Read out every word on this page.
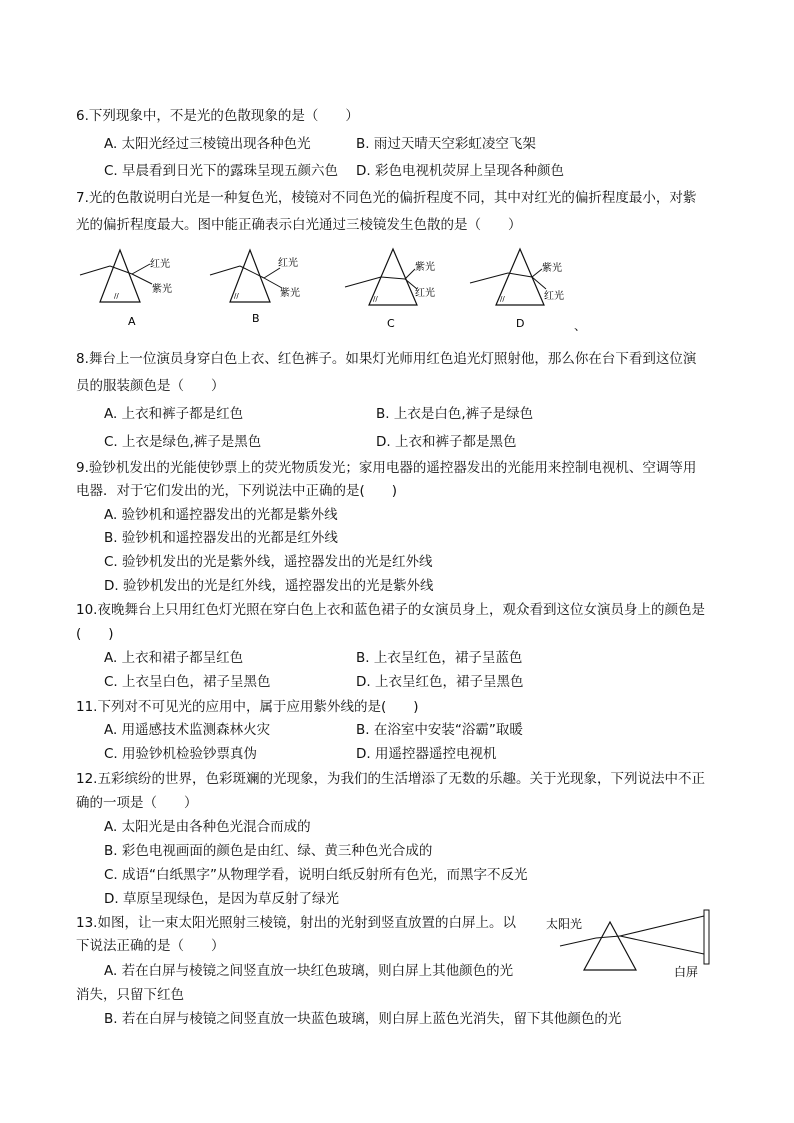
6.下列现象中，不是光的色散现象的是（　　）
A. 太阳光经过三棱镜出现各种色光	B. 雨过天晴天空彩虹凌空飞架
C. 早晨看到日光下的露珠呈现五颜六色 D. 彩色电视机荧屏上呈现各种颜色
7.光的色散说明白光是一种复色光，棱镜对不同色光的偏折程度不同，其中对红光的偏折程度最小，对紫
光的偏折程度最大。图中能正确表示白光通过三棱镜发生色散的是（　　）
//
红光
紫光
A
//
红光
紫光
B
//
紫光
红光
C
//
紫光
红光
D	、
8.舞台上一位演员身穿白色上衣、红色裤子。如果灯光师用红色追光灯照射他，那么你在台下看到这位演
员的服装颜色是（　　）
A. 上衣和裤子都是红色	B. 上衣是白色,裤子是绿色
C. 上衣是绿色,裤子是黑色	D. 上衣和裤子都是黑色
9.验钞机发出的光能使钞票上的荧光物质发光；家用电器的遥控器发出的光能用来控制电视机、空调等用
电器．对于它们发出的光，下列说法中正确的是(　　)
A. 验钞机和遥控器发出的光都是紫外线
B. 验钞机和遥控器发出的光都是红外线
C. 验钞机发出的光是紫外线，遥控器发出的光是红外线
D. 验钞机发出的光是红外线，遥控器发出的光是紫外线
10.夜晚舞台上只用红色灯光照在穿白色上衣和蓝色裙子的女演员身上，观众看到这位女演员身上的颜色是
(　　)
A. 上衣和裙子都呈红色	B. 上衣呈红色，裙子呈蓝色
C. 上衣呈白色，裙子呈黑色	D. 上衣呈红色，裙子呈黑色
11.下列对不可见光的应用中，属于应用紫外线的是(　　)
A. 用遥感技术监测森林火灾	B. 在浴室中安装“浴霸”取暖
C. 用验钞机检验钞票真伪	D. 用遥控器遥控电视机
12.五彩缤纷的世界，色彩斑斓的光现象，为我们的生活增添了无数的乐趣。关于光现象，下列说法中不正
确的一项是（　　）
A. 太阳光是由各种色光混合而成的
B. 彩色电视画面的颜色是由红、绿、黄三种色光合成的
C. 成语“白纸黑字”从物理学看，说明白纸反射所有色光，而黑字不反光
D. 草原呈现绿色，是因为草反射了绿光
13.如图，让一束太阳光照射三棱镜，射出的光射到竖直放置的白屏上。以
下说法正确的是（　　）
A. 若在白屏与棱镜之间竖直放一块红色玻璃，则白屏上其他颜色的光
消失，只留下红色
B. 若在白屏与棱镜之间竖直放一块蓝色玻璃，则白屏上蓝色光消失，留下其他颜色的光
太阳光
白屏
